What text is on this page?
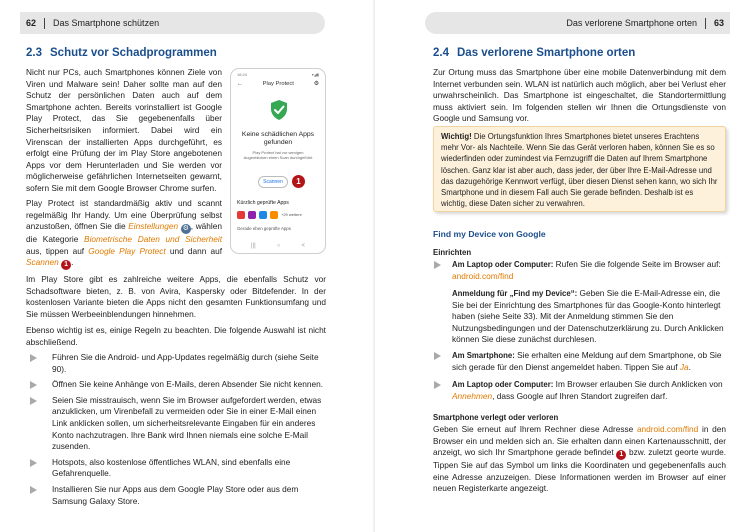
62 Das Smartphone schützen
2.3 Schutz vor Schadprogrammen

Nicht nur PCs, auch Smartphones können Ziele von Viren und Malware sein! Daher sollte man auf den Schutz der persönlichen Daten auch auf dem Smartphone achten. Bereits vorinstalliert ist Google Play Protect, das Sie gegebenenfalls über Sicherheitsrisiken informiert. Dabei wird ein Virenscan der installierten Apps durchgeführt, es erfolgt eine Prüfung der im Play Store angebotenen Apps vor dem Herunterladen und Sie werden vor möglicherweise gefährlichen Internetseiten gewarnt, sofern Sie mit dem Google Browser Chrome surfen.

Play Protect ist standardmäßig aktiv und scannt regelmäßig Ihr Handy. Um eine Überprüfung selbst anzustoßen, öffnen Sie die Einstellungen ⚙ , wählen die Kategorie Biometrische Daten und Sicherheit aus, tippen auf Google Play Protect und dann auf Scannen 1 .

Im Play Store gibt es zahlreiche weitere Apps, die ebenfalls Schutz vor Schadsoftware bieten, z. B. von Avira, Kaspersky oder Bitdefender. In der kostenlosen Variante bieten die Apps nicht den gesamten Funktionsumfang und Sie müssen Werbeeinblendungen hinnehmen.

Ebenso wichtig ist es, einige Regeln zu beachten. Die folgende Auswahl ist nicht abschließend.

Führen Sie die Android- und App-Updates regelmäßig durch (siehe Seite 90).
Öffnen Sie keine Anhänge von E-Mails, deren Absender Sie nicht kennen.
Seien Sie misstrauisch, wenn Sie im Browser aufgefordert werden, etwas anzuklicken, um Virenbefall zu vermeiden oder Sie in einer E-Mail einen Link anklicken sollen, um sicherheitsrelevante Eingaben für ein anderes Konto nachzutragen. Ihre Bank wird Ihnen niemals eine solche E-Mail zusenden.
Hotspots, also kostenlose öffentliches WLAN, sind ebenfalls eine Gefahrenquelle.
Installieren Sie nur Apps aus dem Google Play Store oder aus dem Samsung Galaxy Store.
16:24	▾◢▮
←	Play Protect	⚙
Keine schädlichen Apps gefunden
Play Protect hat vor wenigen Augenblicken einen Scan durchgeführt
Scannen	1
Kürzlich geprüfte Apps
+29 weitere
Gerade eben geprüfte Apps
|||	○	<
Das verlorene Smartphone orten 63
2.4 Das verlorene Smartphone orten

Zur Ortung muss das Smartphone über eine mobile Datenverbindung mit dem Internet verbunden sein. WLAN ist natürlich auch möglich, aber bei Verlust eher unwahrscheinlich. Das Smartphone ist eingeschaltet, die Standortermittlung muss aktiviert sein. Im folgenden stellen wir Ihnen die Ortungsdienste von Google und Samsung vor.

Wichtig! Die Ortungsfunktion Ihres Smartphones bietet unseres Erachtens mehr Vor- als Nachteile. Wenn Sie das Gerät verloren haben, können Sie es so wiederfinden oder zumindest via Fernzugriff die Daten auf Ihrem Smartphone löschen. Ganz klar ist aber auch, dass jeder, der über Ihre E-Mail-Adresse und das dazugehörige Kennwort verfügt, über diesen Dienst sehen kann, wo sich Ihr Smartphone und in diesem Fall auch Sie gerade befinden. Deshalb ist es wichtig, diese Daten sicher zu verwahren.
Find my Device von Google
Einrichten
Am Laptop oder Computer: Rufen Sie die folgende Seite im Browser auf: android.com/find
Anmeldung für „Find my Device“: Geben Sie die E-Mail-Adresse ein, die Sie bei der Einrichtung des Smartphones für das Google-Konto hinterlegt haben (siehe Seite 33). Mit der Anmeldung stimmen Sie den Nutzungsbedingungen und der Datenschutzerklärung zu. Durch Anklicken können Sie diese zunächst durchlesen.
Am Smartphone: Sie erhalten eine Meldung auf dem Smartphone, ob Sie sich gerade für den Dienst angemeldet haben. Tippen Sie auf Ja.
Am Laptop oder Computer: Im Browser erlauben Sie durch Anklicken von Annehmen, dass Google auf Ihren Standort zugreifen darf.
Smartphone verlegt oder verloren

Geben Sie erneut auf Ihrem Rechner diese Adresse android.com/find in den Browser ein und melden sich an. Sie erhalten dann einen Kartenausschnitt, der anzeigt, wo sich Ihr Smartphone gerade befindet 1 bzw. zuletzt georte wurde. Tippen Sie auf das Symbol um links die Koordinaten und gegebenenfalls auch eine Adresse anzuzeigen. Diese Informationen werden im Browser auf einer neuen Registerkarte angezeigt.
